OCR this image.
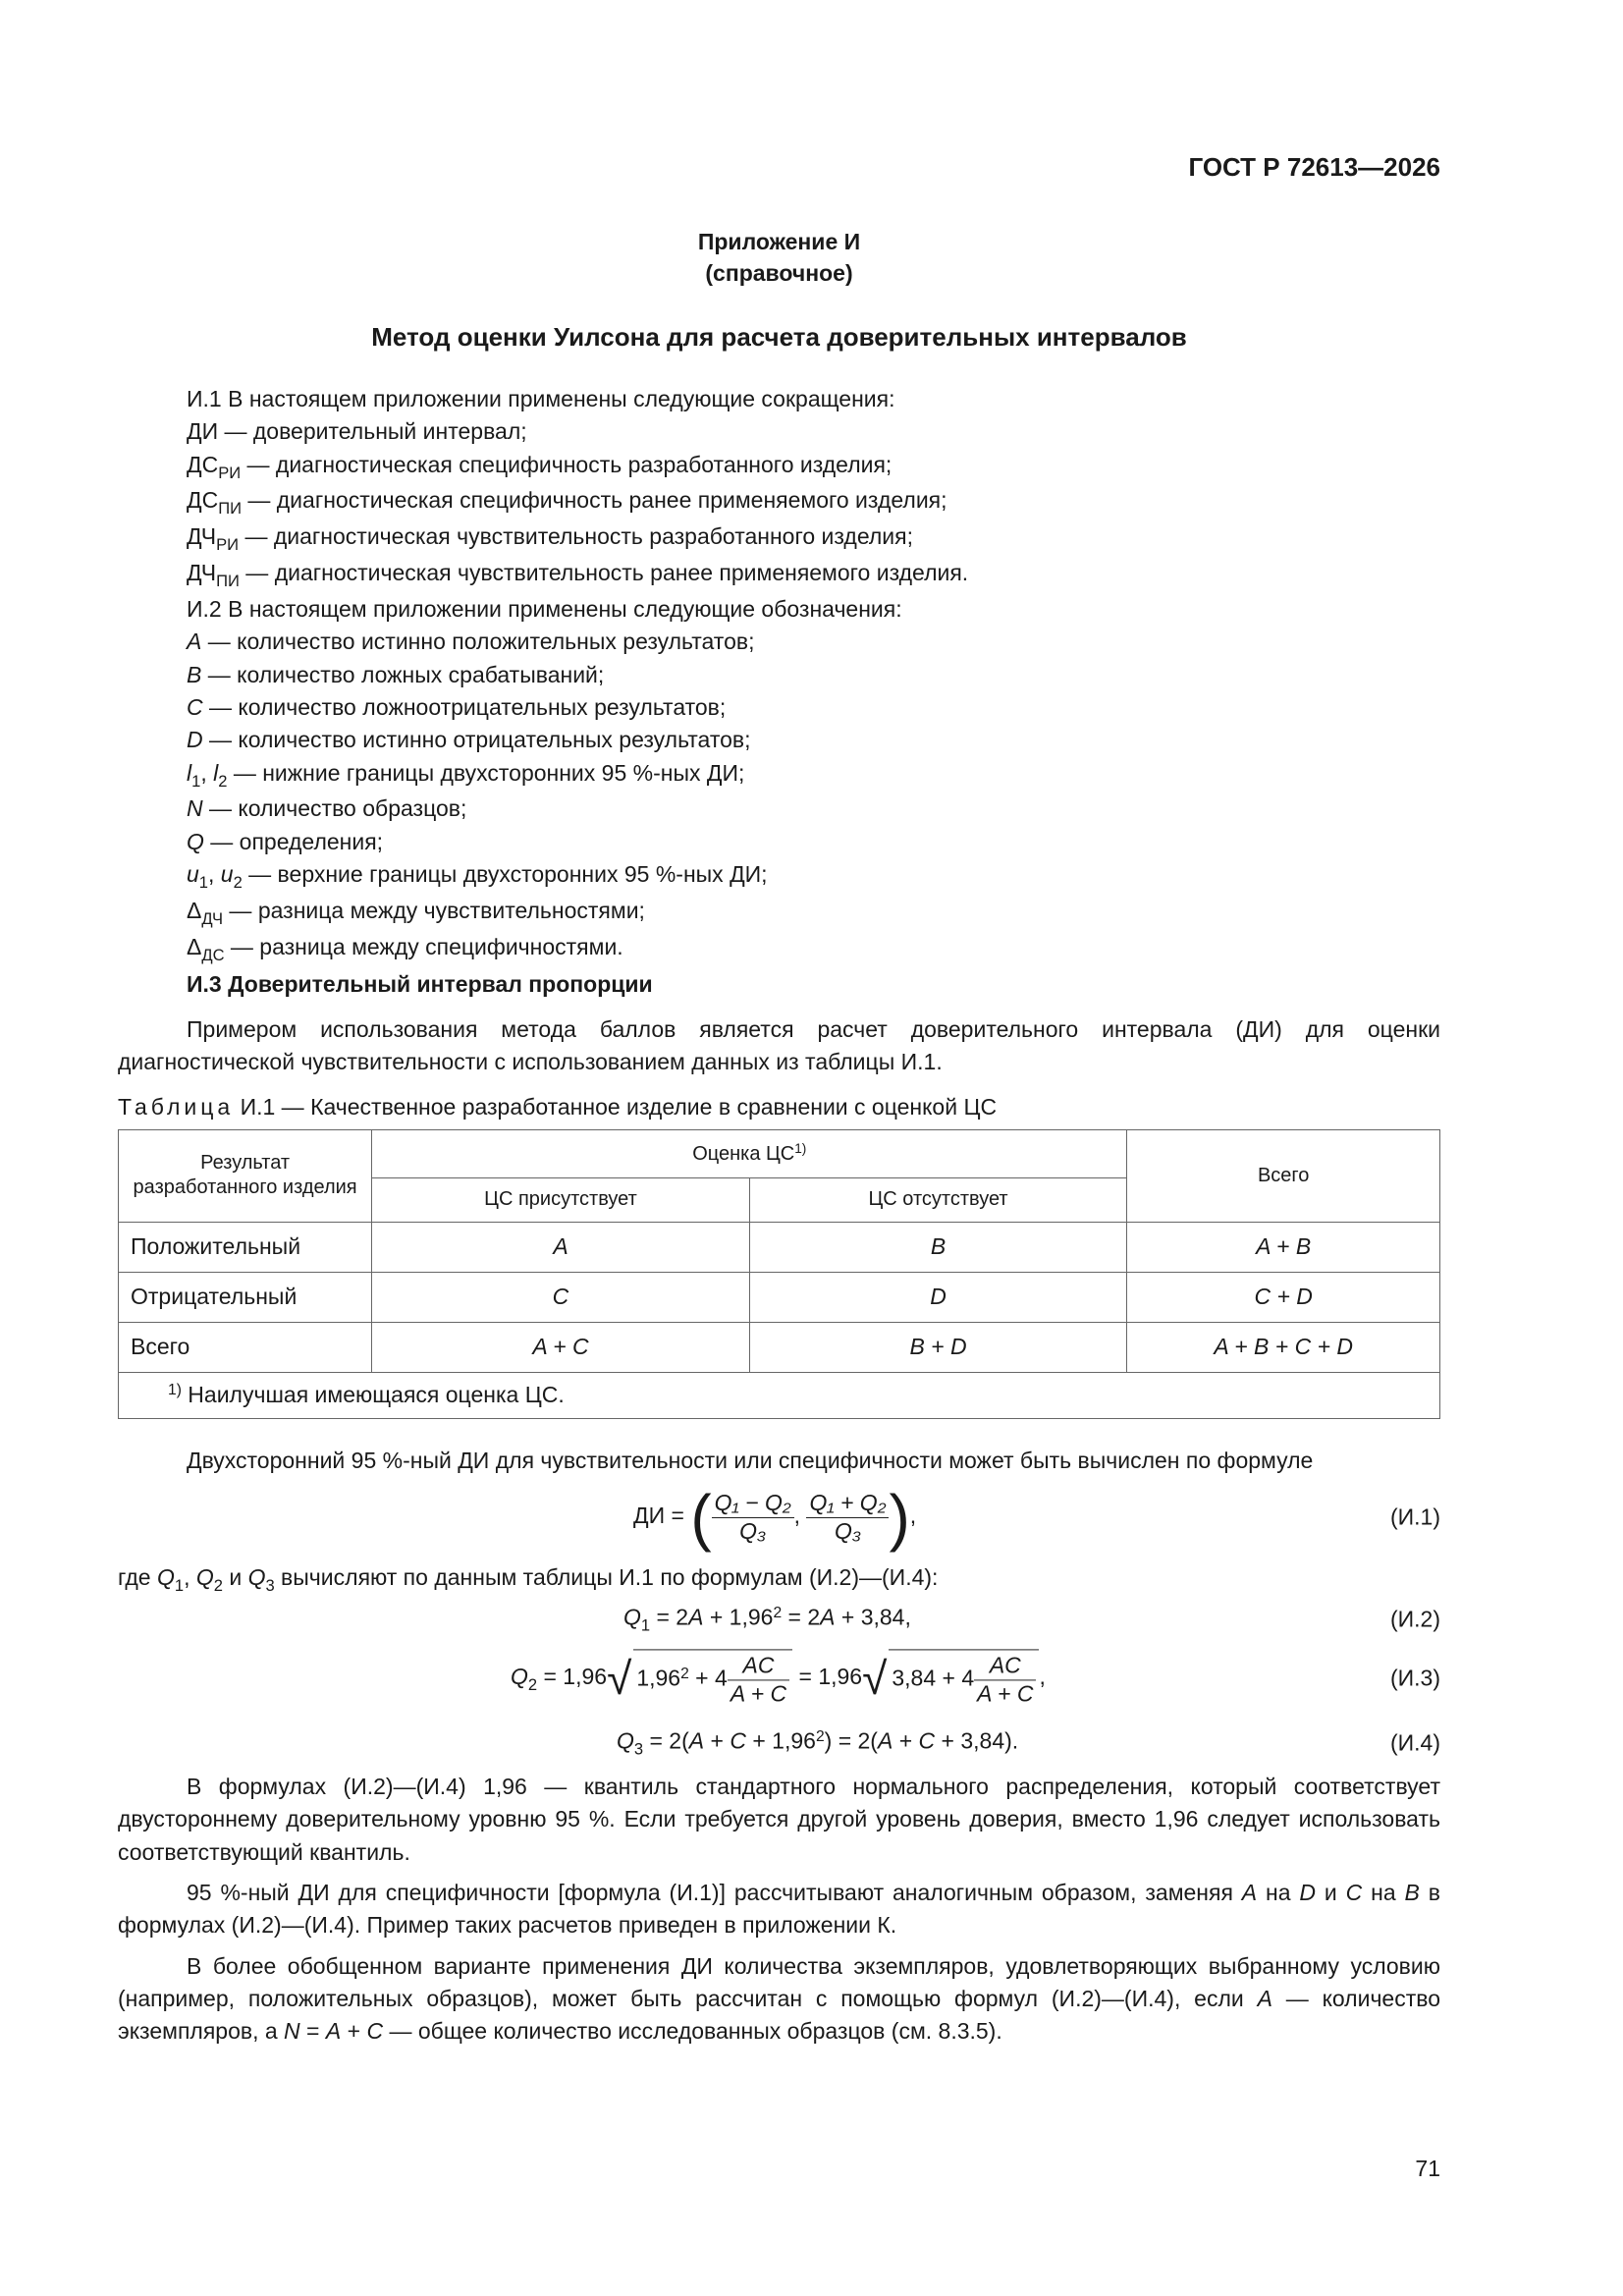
ГОСТ Р 72613—2026
Приложение И
(справочное)
Метод оценки Уилсона для расчета доверительных интервалов
И.1 В настоящем приложении применены следующие сокращения:
ДИ — доверительный интервал;
$ДС_{РИ}$ — диагностическая специфичность разработанного изделия;
$ДС_{ПИ}$ — диагностическая специфичность ранее применяемого изделия;
$ДЧ_{РИ}$ — диагностическая чувствительность разработанного изделия;
$ДЧ_{ПИ}$ — диагностическая чувствительность ранее применяемого изделия.
И.2 В настоящем приложении применены следующие обозначения:
A — количество истинно положительных результатов;
B — количество ложных срабатываний;
C — количество ложноотрицательных результатов;
D — количество истинно отрицательных результатов;
$l_1$, $l_2$ — нижние границы двухсторонних 95 %-ных ДИ;
N — количество образцов;
Q — определения;
$u_1$, $u_2$ — верхние границы двухсторонних 95 %-ных ДИ;
$\Delta_{ДЧ}$ — разница между чувствительностями;
$\Delta_{ДС}$ — разница между специфичностями.
И.3 Доверительный интервал пропорции

Примером использования метода баллов является расчет доверительного интервала (ДИ) для оценки диагностической чувствительности с использованием данных из таблицы И.1.

Таблица И.1 — Качественное разработанное изделие в сравнении с оценкой ЦС
Результат разработанного изделия	Оценка ЦС$^{1)}$		Всего
	ЦС присутствует	ЦС отсутствует	
Положительный	A	B	A + B
Отрицательный	C	D	C + D
Всего	A + C	B + D	A + B + C + D
$^{1)}$ Наилучшая имеющаяся оценка ЦС.			

Двухсторонний 95 %-ный ДИ для чувствительности или специфичности может быть вычислен по формуле

ДИ = ( $\frac{\text{Q₁ − Q₂}}{\text{Q₃}}$ , $\frac{\text{Q₁ + Q₂}}{\text{Q₃}}$ ),	(И.1)
где $Q_1$, $Q_2$ и $Q_3$ вычисляют по данным таблицы И.1 по формулам (И.2)—(И.4):
$Q_1 = 2A + 1,96^2 = 2A + 3,84$,	(И.2)
$Q_2 = 1,96√$ $1,96^2 + 4 \frac{AC}{A + C} = 1,96√$ $3,84 + 4 \frac{AC}{A + C}$ ,	(И.3)
$Q_3 = 2(A + C + 1,96^2) = 2(A + C + 3,84)$.	(И.4)

В формулах (И.2)—(И.4) 1,96 — квантиль стандартного нормального распределения, который соответствует двустороннему доверительному уровню 95 %. Если требуется другой уровень доверия, вместо 1,96 следует использовать соответствующий квантиль.

95 %-ный ДИ для специфичности [формула (И.1)] рассчитывают аналогичным образом, заменяя A на D и C на B в формулах (И.2)—(И.4). Пример таких расчетов приведен в приложении К.

В более обобщенном варианте применения ДИ количества экземпляров, удовлетворяющих выбранному условию (например, положительных образцов), может быть рассчитан с помощью формул (И.2)—(И.4), если A — количество экземпляров, а N = A + C — общее количество исследованных образцов (см. 8.3.5).

71
